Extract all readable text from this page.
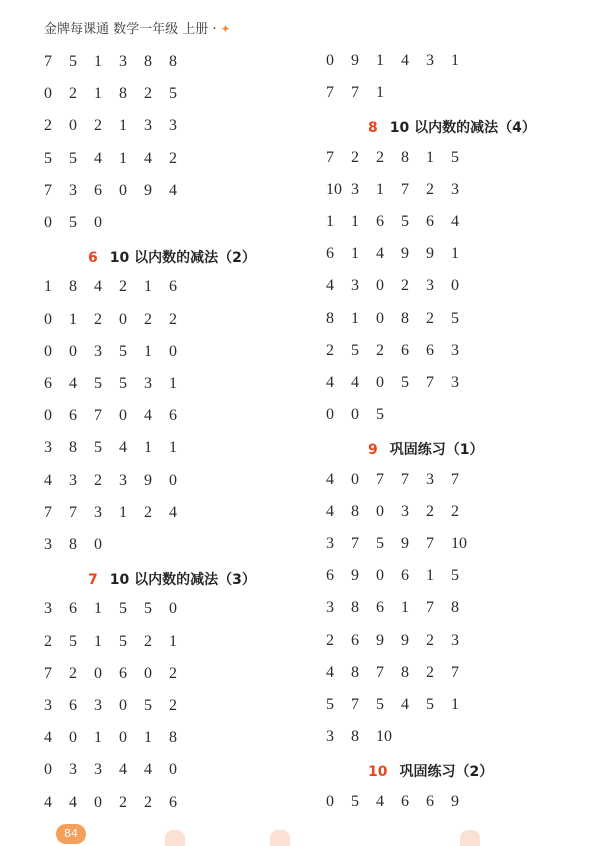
金牌每课通 数学一年级 上册 · ✦
7 5 1 3 8 8
0 2 1 8 2 5
2 0 2 1 3 3
5 5 4 1 4 2
7 3 6 0 9 4
0 5 0
6 10 以内数的减法（2）
1 8 4 2 1 6
0 1 2 0 2 2
0 0 3 5 1 0
6 4 5 5 3 1
0 6 7 0 4 6
3 8 5 4 1 1
4 3 2 3 9 0
7 7 3 1 2 4
3 8 0
7 10 以内数的减法（3）
3 6 1 5 5 0
2 5 1 5 2 1
7 2 0 6 0 2
3 6 3 0 5 2
4 0 1 0 1 8
0 3 3 4 4 0
4 4 0 2 2 6
0 9 1 4 3 1
7 7 1
8 10 以内数的减法（4）
7 2 2 8 1 5
10 3 1 7 2 3
1 1 6 5 6 4
6 1 4 9 9 1
4 3 0 2 3 0
8 1 0 8 2 5
2 5 2 6 6 3
4 4 0 5 7 3
0 0 5
9 巩固练习（1）
4 0 7 7 3 7
4 8 0 3 2 2
3 7 5 9 7 10
6 9 0 6 1 5
3 8 6 1 7 8
2 6 9 9 2 3
4 8 7 8 2 7
5 7 5 4 5 1
3 8 10
10 巩固练习（2）
0 5 4 6 6 9
84
